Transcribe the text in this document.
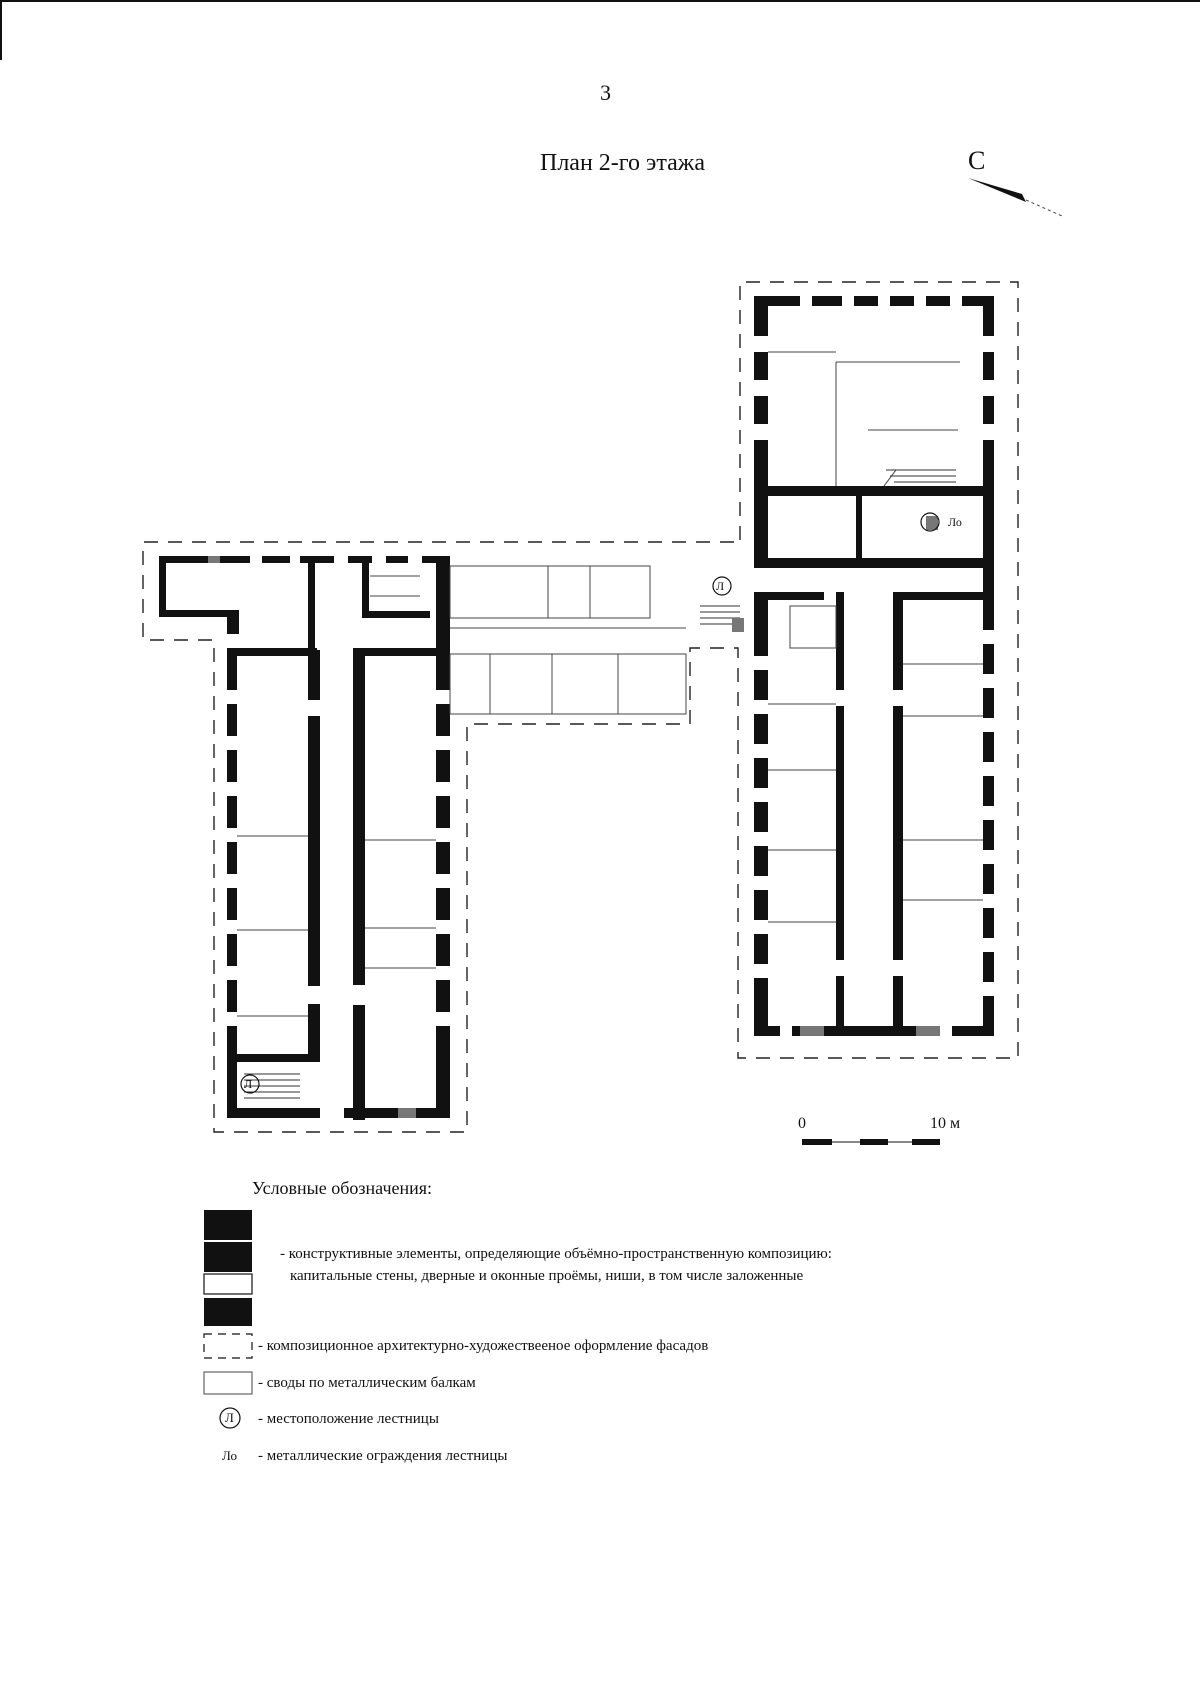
3
План 2-го этажа	С
Л
Л
Ло
0	10 м
Условные обозначения:
- конструктивные элементы, определяющие объёмно-пространственную композицию:
капитальные стены, дверные и оконные проёмы, ниши, в том числе заложенные
- композиционное архитектурно-художествееное оформление фасадов
- своды по металлическим балкам
Л - местоположение лестницы
Ло - металлические ограждения лестницы
